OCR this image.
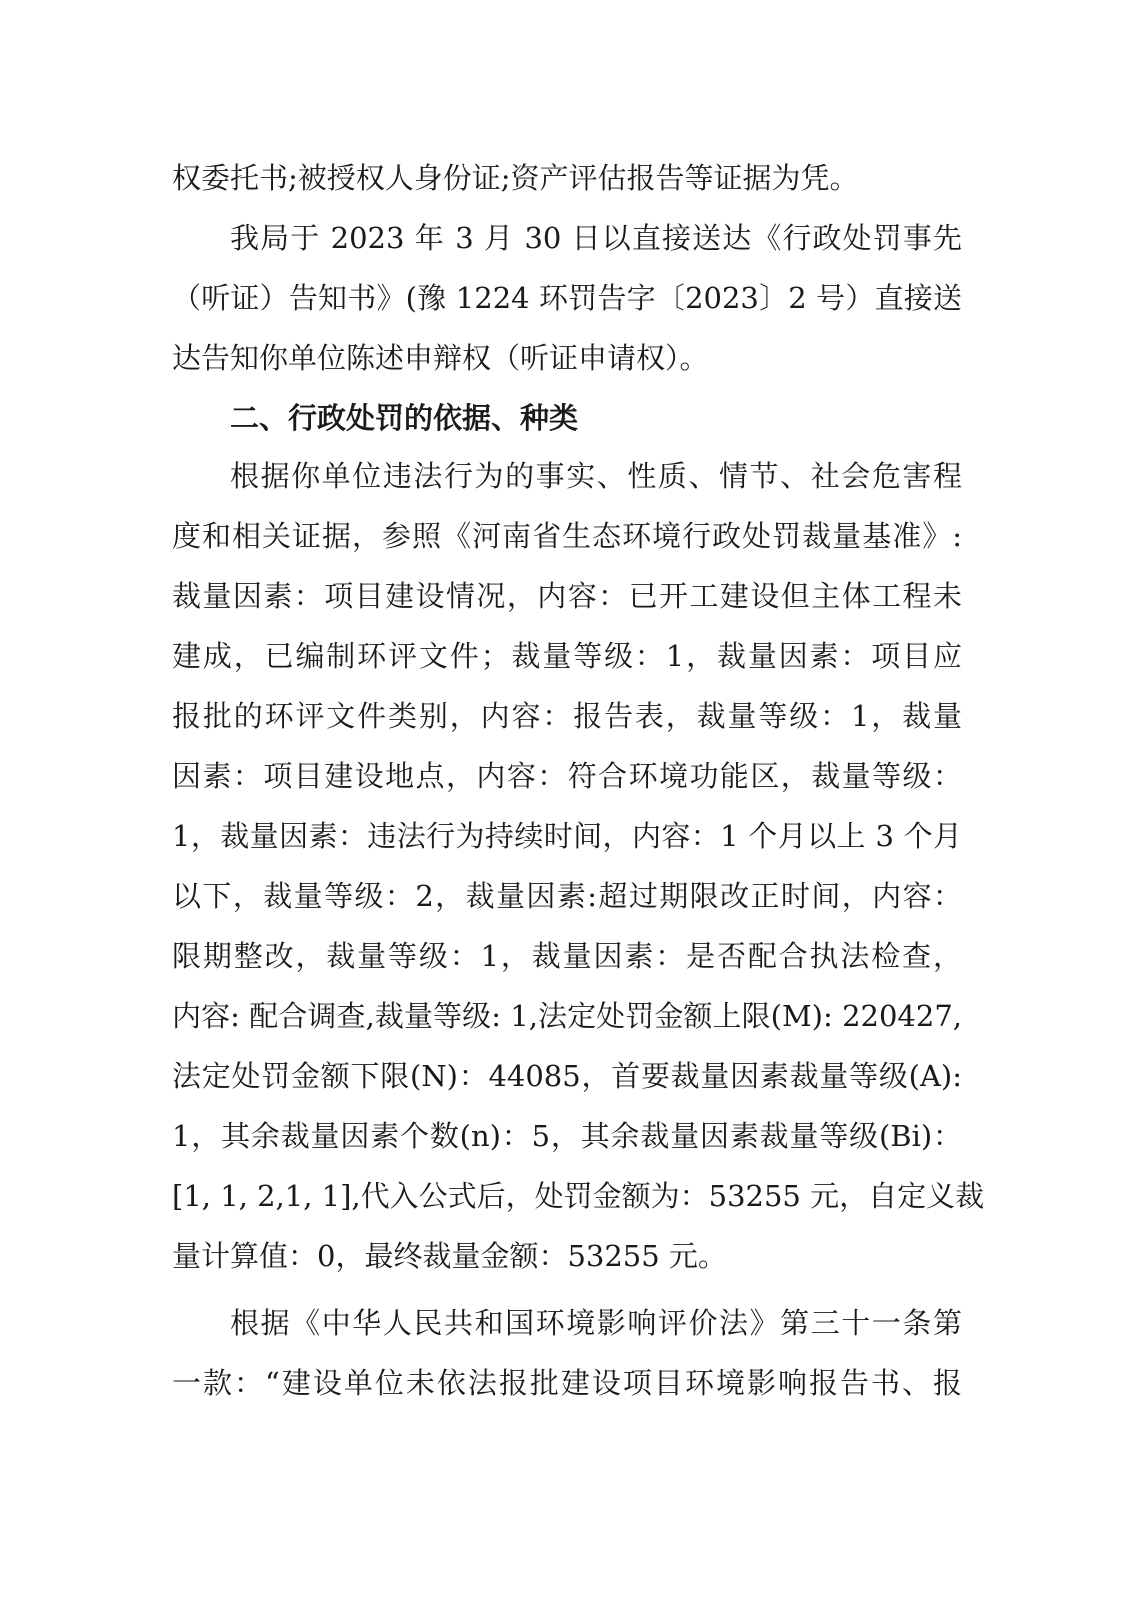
权委托书;被授权人身份证;资产评估报告等证据为凭。
我局于 2023 年 3 月 30 日以直接送达《行政处罚事先
（听证）告知书》(豫 1224 环罚告字〔2023〕2 号）直接送
达告知你单位陈述申辩权（听证申请权）。
二、行政处罚的依据、种类
根据你单位违法行为的事实、性质、情节、社会危害程
度和相关证据，参照《河南省生态环境行政处罚裁量基准》:
裁量因素：项目建设情况，内容：已开工建设但主体工程未
建成，已编制环评文件；裁量等级：1，裁量因素：项目应
报批的环评文件类别，内容：报告表，裁量等级：1，裁量
因素：项目建设地点，内容：符合环境功能区，裁量等级：
1，裁量因素：违法行为持续时间，内容：1 个月以上 3 个月
以下，裁量等级：2，裁量因素:超过期限改正时间，内容：
限期整改，裁量等级：1，裁量因素：是否配合执法检查，
内容: 配合调查,裁量等级: 1,法定处罚金额上限(M): 220427,
法定处罚金额下限(N)：44085，首要裁量因素裁量等级(A):
1，其余裁量因素个数(n)：5，其余裁量因素裁量等级(Bi)：
[1, 1, 2,1, 1],代入公式后，处罚金额为：53255 元，自定义裁
量计算值：0，最终裁量金额：53255 元。
根据《中华人民共和国环境影响评价法》第三十一条第
一款：“建设单位未依法报批建设项目环境影响报告书、报
